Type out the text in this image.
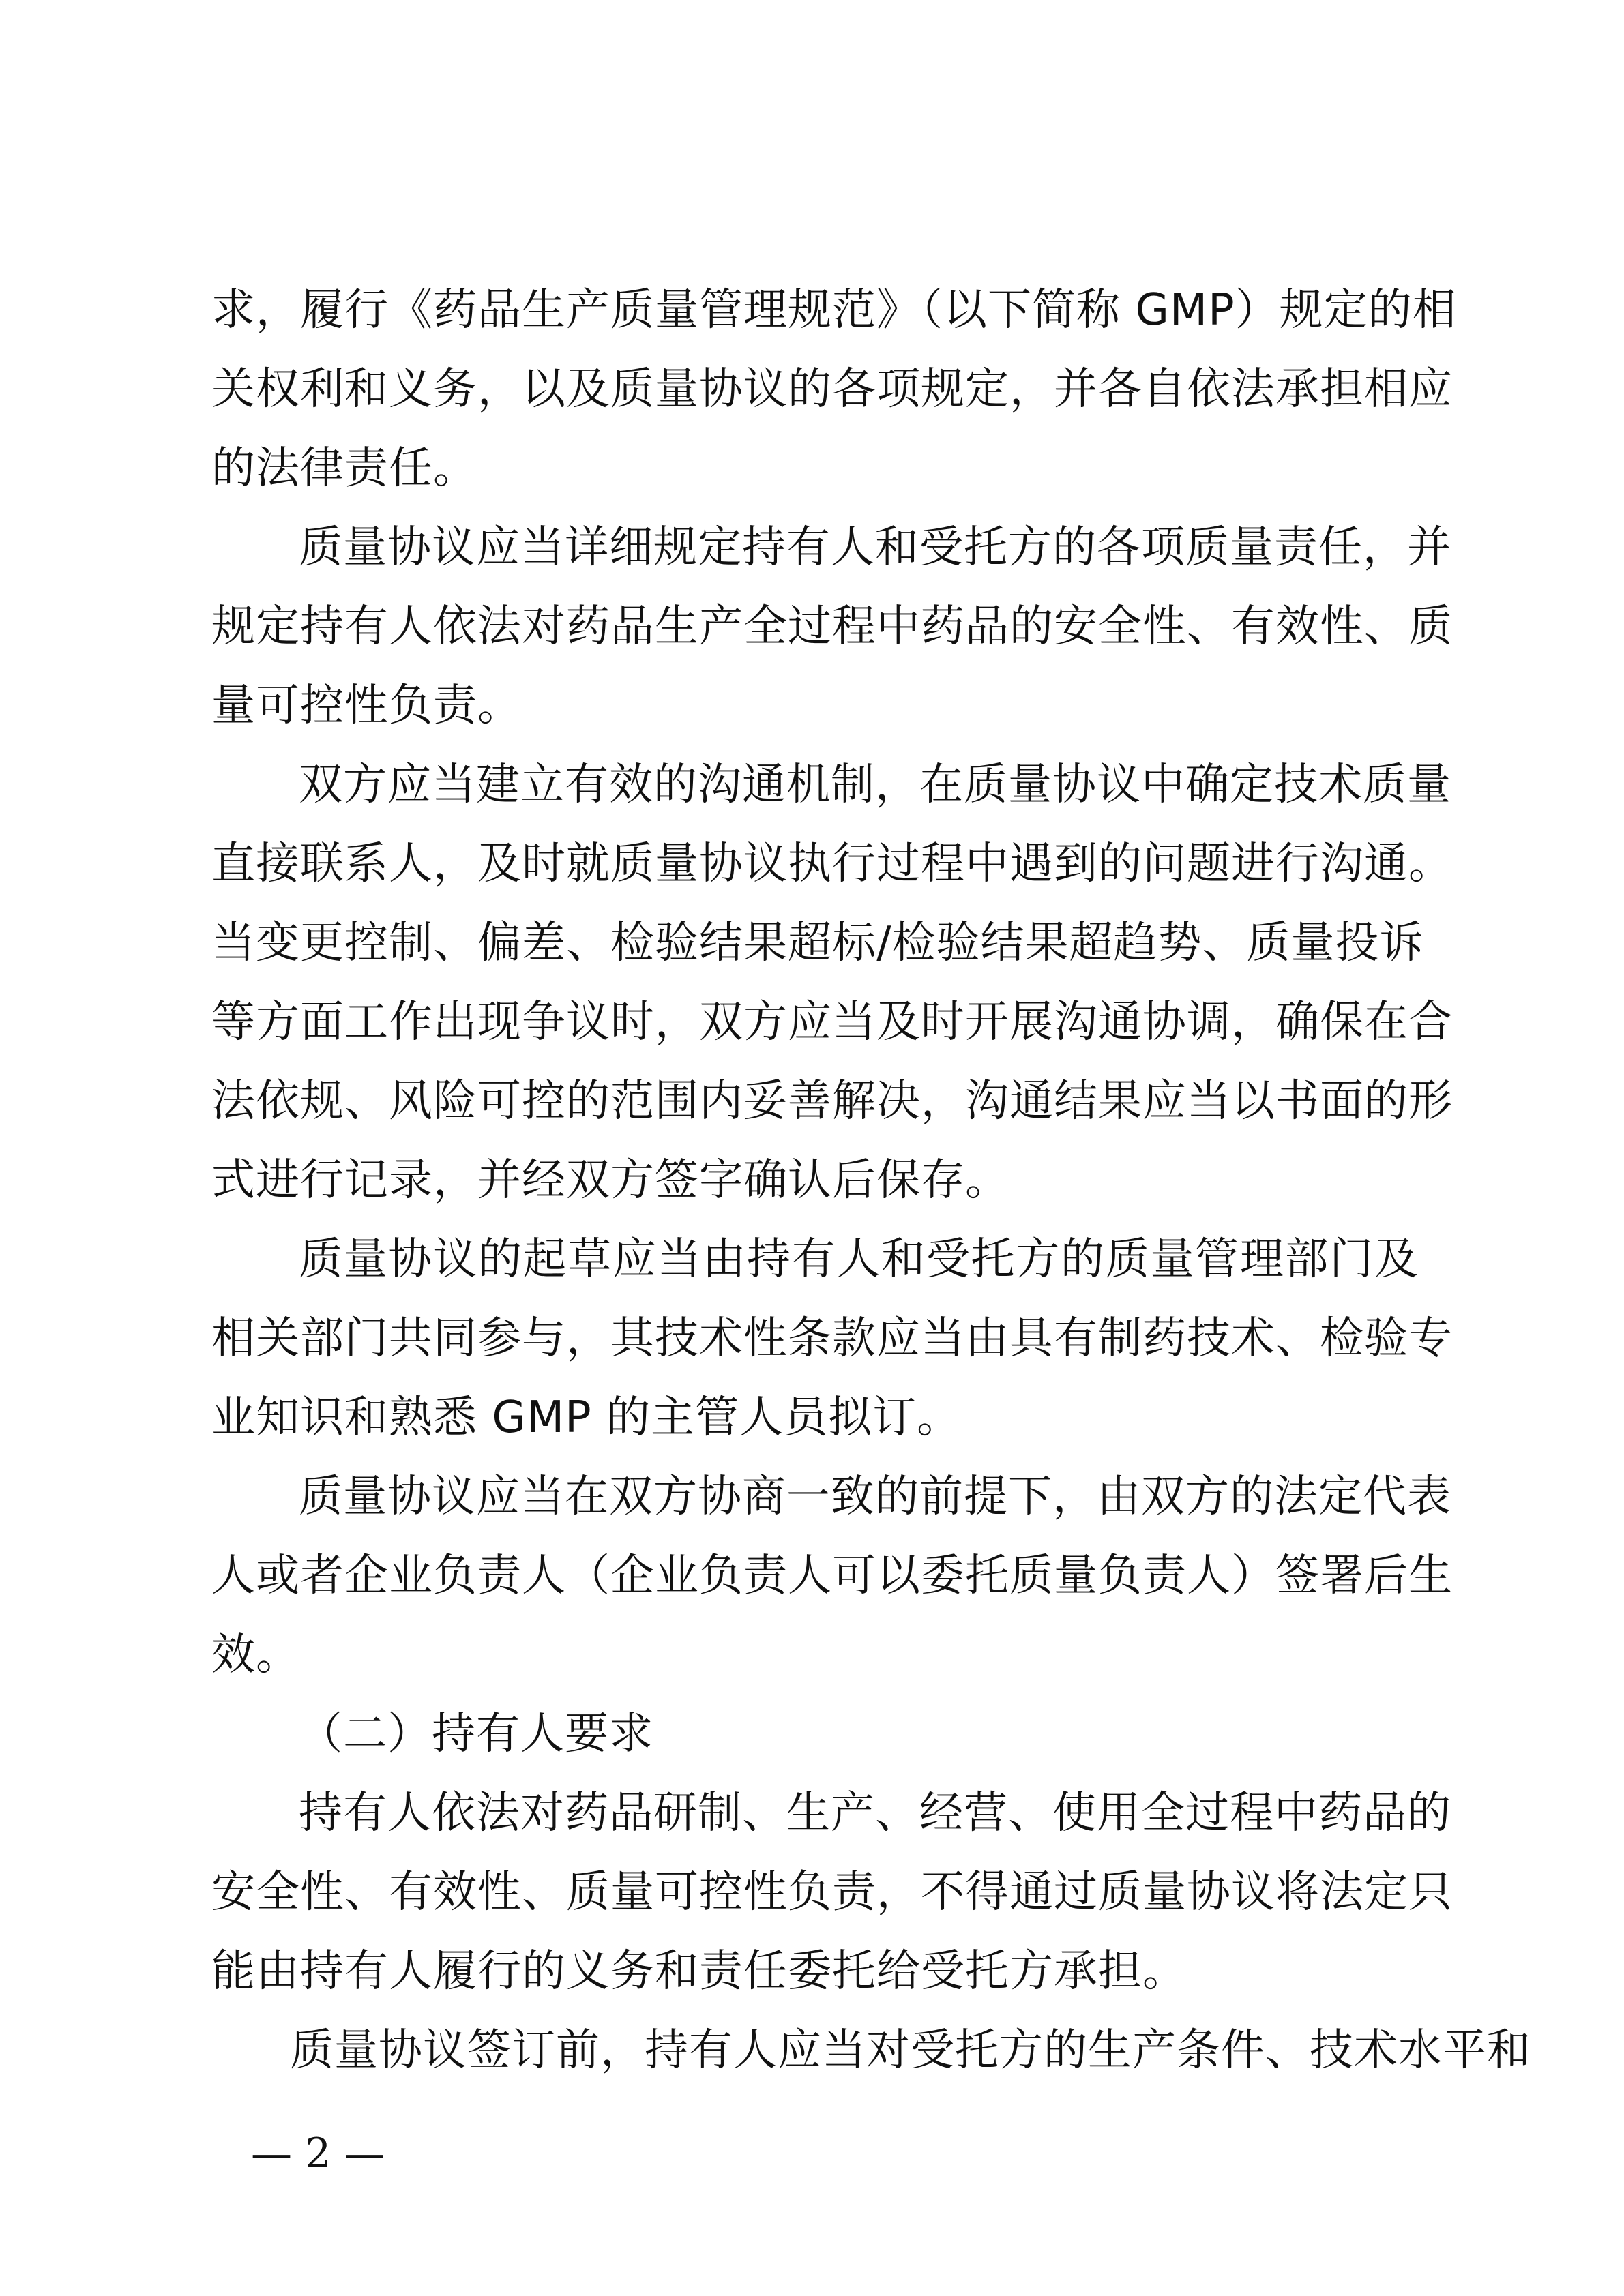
求，履行《药品生产质量管理规范》（以下简称 GMP）规定的相
关权利和义务，以及质量协议的各项规定，并各自依法承担相应
的法律责任。
质量协议应当详细规定持有人和受托方的各项质量责任，并
规定持有人依法对药品生产全过程中药品的安全性、有效性、质
量可控性负责。
双方应当建立有效的沟通机制，在质量协议中确定技术质量
直接联系人，及时就质量协议执行过程中遇到的问题进行沟通。
当变更控制、偏差、检验结果超标/检验结果超趋势、质量投诉
等方面工作出现争议时，双方应当及时开展沟通协调，确保在合
法依规、风险可控的范围内妥善解决，沟通结果应当以书面的形
式进行记录，并经双方签字确认后保存。
质量协议的起草应当由持有人和受托方的质量管理部门及
相关部门共同参与，其技术性条款应当由具有制药技术、检验专
业知识和熟悉 GMP 的主管人员拟订。
质量协议应当在双方协商一致的前提下，由双方的法定代表
人或者企业负责人（企业负责人可以委托质量负责人）签署后生
效。
（二）持有人要求
持有人依法对药品研制、生产、经营、使用全过程中药品的
安全性、有效性、质量可控性负责，不得通过质量协议将法定只
能由持有人履行的义务和责任委托给受托方承担。
质量协议签订前，持有人应当对受托方的生产条件、技术水平和
— 2 —
